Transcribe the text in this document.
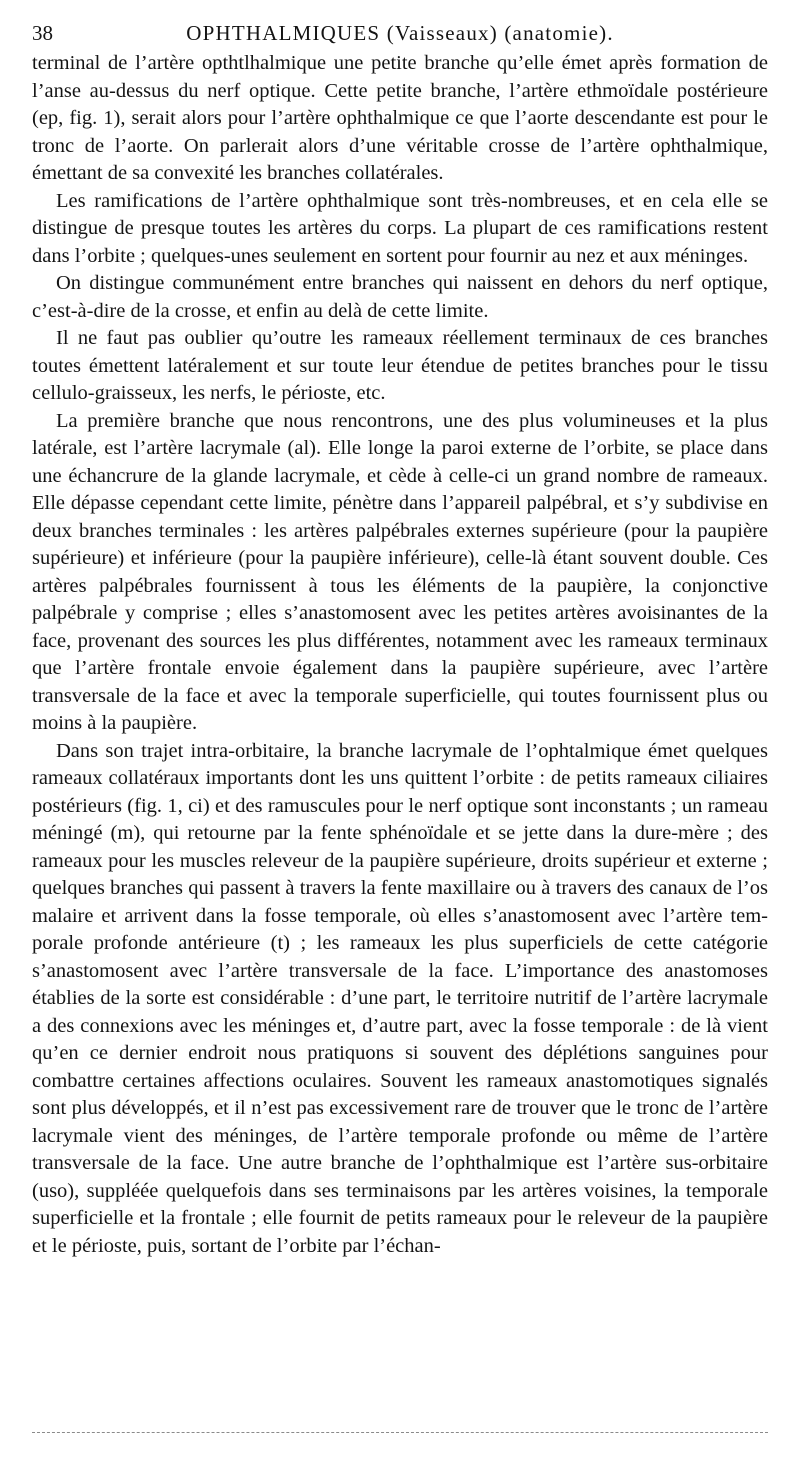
38	OPHTHALMIQUES (Vaisseaux) (anatomie).

terminal de l’artère opthtlhalmique une petite branche qu’elle émet après formation de l’anse au-dessus du nerf optique. Cette petite branche, l’artère ethmoïdale postérieure (ep, fig. 1), serait alors pour l’artère ophthalmique ce que l’aorte descendante est pour le tronc de l’aorte. On parlerait alors d’une véritable crosse de l’artère ophthalmique, émettant de sa convexité les branches collatérales.

Les ramifications de l’artère ophthalmique sont très-nombreuses, et en cela elle se distingue de presque toutes les artères du corps. La plupart de ces ramifications restent dans l’orbite ; quelques-unes seulement en sortent pour fournir au nez et aux méninges.

On distingue communément entre branches qui naissent en dehors du nerf optique, c’est-à-dire de la crosse, et enfin au delà de cette limite.

Il ne faut pas oublier qu’outre les rameaux réellement terminaux de ces branches toutes émettent latéralement et sur toute leur étendue de petites branches pour le tissu cellulo-graisseux, les nerfs, le périoste, etc.

La première branche que nous rencontrons, une des plus volumineuses et la plus latérale, est l’artère lacrymale (al). Elle longe la paroi externe de l’orbite, se place dans une échancrure de la glande lacrymale, et cède à celle-ci un grand nombre de rameaux. Elle dépasse cependant cette limite, pénètre dans l’appareil palpébral, et s’y subdivise en deux branches terminales : les artères palpébrales externes supérieure (pour la paupière supérieure) et inférieure (pour la paupière inférieure), celle-là étant souvent double. Ces artères palpébrales fournissent à tous les éléments de la paupière, la conjonctive palpébrale y comprise ; elles s’anastomosent avec les petites artères avoisinantes de la face, provenant des sources les plus différentes, notamment avec les rameaux terminaux que l’artère frontale envoie également dans la paupière supérieure, avec l’artère transversale de la face et avec la temporale superficielle, qui toutes fournissent plus ou moins à la paupière.

Dans son trajet intra-orbitaire, la branche lacrymale de l’ophtalmique émet quelques rameaux collatéraux importants dont les uns quittent l’orbite : de petits rameaux ciliaires postérieurs (fig. 1, ci) et des ramuscules pour le nerf optique sont inconstants ; un rameau méningé (m), qui retourne par la fente sphénoïdale et se jette dans la dure-mère ; des rameaux pour les muscles releveur de la paupière supérieure, droits supérieur et externe ; quelques branches qui passent à travers la fente maxillaire ou à travers des canaux de l’os malaire et arrivent dans la fosse temporale, où elles s’anastomosent avec l’artère temporale profonde antérieure (t) ; les rameaux les plus superficiels de cette catégorie s’anastomosent avec l’artère transversale de la face. L’importance des anastomoses établies de la sorte est considérable : d’une part, le territoire nutritif de l’artère lacrymale a des connexions avec les méninges et, d’autre part, avec la fosse temporale : de là vient qu’en ce dernier endroit nous pratiquons si souvent des déplétions sanguines pour combattre certaines affections oculaires. Souvent les rameaux anastomotiques signalés sont plus développés, et il n’est pas excessivement rare de trouver que le tronc de l’artère lacrymale vient des méninges, de l’artère temporale profonde ou même de l’artère transversale de la face. Une autre branche de l’ophthalmique est l’artère sus-orbitaire (uso), suppléée quelquefois dans ses terminaisons par les artères voisines, la temporale superficielle et la frontale ; elle fournit de petits rameaux pour le releveur de la paupière et le périoste, puis, sortant de l’orbite par l’échan-
